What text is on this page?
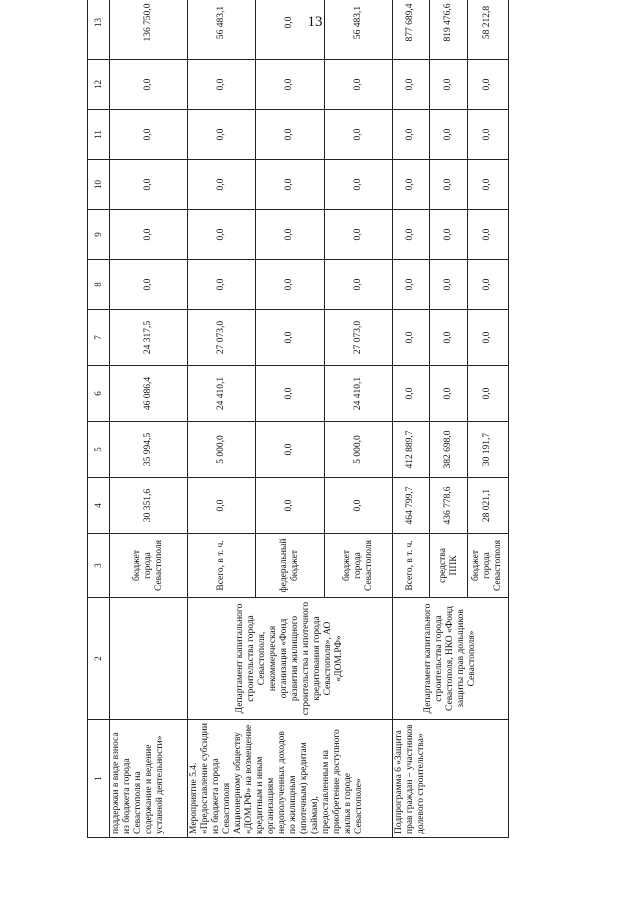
13
1	2	3	4	5	6	7	8	9	10	11	12	13
поддержки в виде взноса из бюджета города Севастополя на содержание и ведение уставной деятельности»		бюджет города Севастополя	30 351,6	35 994,5	46 086,4	24 317,5	0,0	0,0	0,0	0,0	0,0	136 750,0
Мероприятие 5.4. «Предоставление субсидии из бюджета города Севастополя Акционерному обществу «ДОМ.РФ» на возмещение кредитным и иным организациям недополученных доходов по жилищным (ипотечным) кредитам (займам), предоставленным на приобретение доступного жилья в городе Севастополе»	Департамент капитального строительства города Севастополя, некоммерческая организация «Фонд развития жилищного строительства и ипотечного кредитования города Севастополя», АО «ДОМ.РФ»	Всего, в т. ч.	0,0	5 000,0	24 410,1	27 073,0	0,0	0,0	0,0	0,0	0,0	56 483,1
		федеральный бюджет	0,0	0,0	0,0	0,0	0,0	0,0	0,0	0,0	0,0	0,0
		бюджет города Севастополя	0,0	5 000,0	24 410,1	27 073,0	0,0	0,0	0,0	0,0	0,0	56 483,1
Подпрограмма 6 «Защита прав граждан – участников долевого строительства»	Департамент капитального строительства города Севастополя, НКО «Фонд защиты прав дольщиков Севастополя»	Всего, в т. ч.	464 799,7	412 889,7	0,0	0,0	0,0	0,0	0,0	0,0	0,0	877 689,4
		средства ППК	436 778,6	382 698,0	0,0	0,0	0,0	0,0	0,0	0,0	0,0	819 476,6
		бюджет города Севастополя	28 021,1	30 191,7	0,0	0,0	0,0	0,0	0,0	0,0	0,0	58 212,8
